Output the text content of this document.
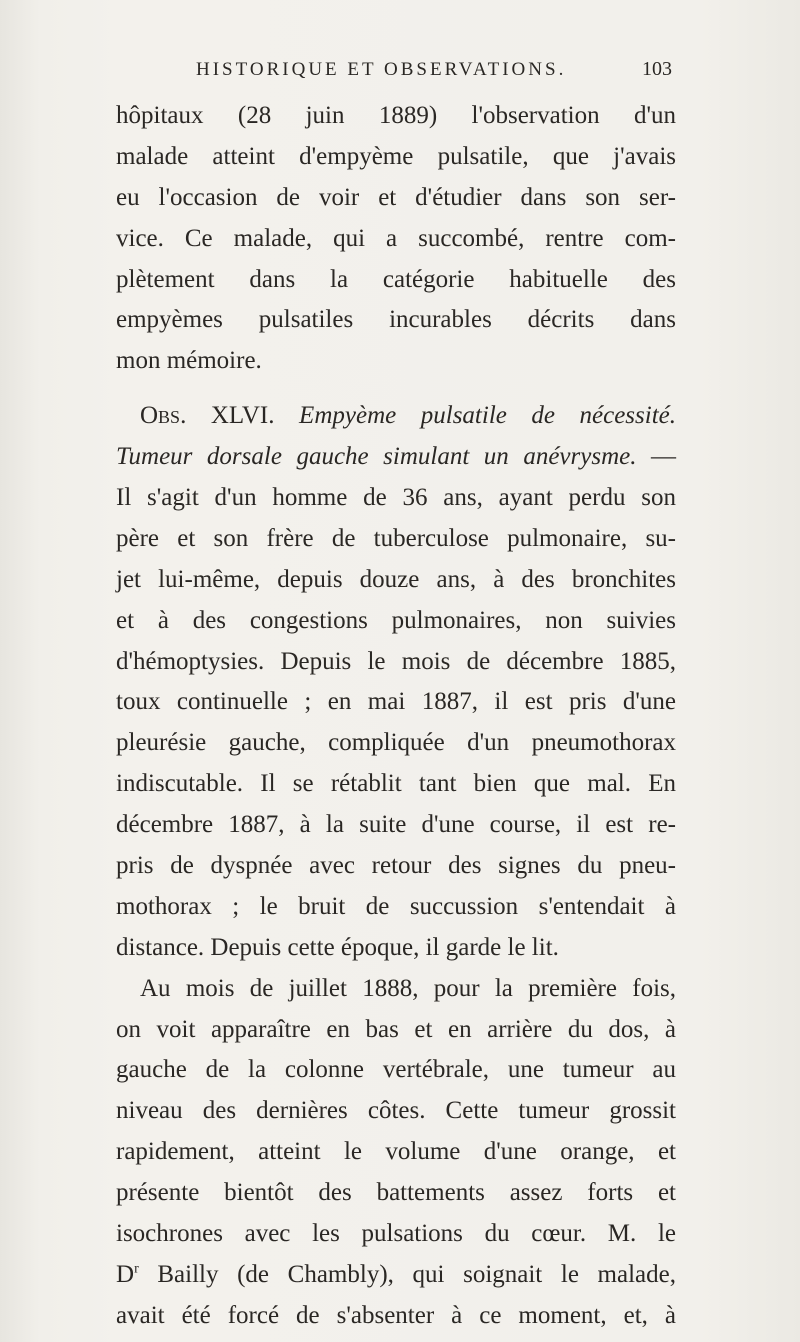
HISTORIQUE ET OBSERVATIONS.	103
hôpitaux (28 juin 1889) l'observation d'un
malade atteint d'empyème pulsatile, que j'avais
eu l'occasion de voir et d'étudier dans son ser-
vice. Ce malade, qui a succombé, rentre com-
plètement dans la catégorie habituelle des
empyèmes pulsatiles incurables décrits dans
mon mémoire.
Obs. XLVI. Empyème pulsatile de nécessité.
Tumeur dorsale gauche simulant un anévrysme. —
Il s'agit d'un homme de 36 ans, ayant perdu son
père et son frère de tuberculose pulmonaire, su-
jet lui-même, depuis douze ans, à des bronchites
et à des congestions pulmonaires, non suivies
d'hémoptysies. Depuis le mois de décembre 1885,
toux continuelle ; en mai 1887, il est pris d'une
pleurésie gauche, compliquée d'un pneumothorax
indiscutable. Il se rétablit tant bien que mal. En
décembre 1887, à la suite d'une course, il est re-
pris de dyspnée avec retour des signes du pneu-
mothorax ; le bruit de succussion s'entendait à
distance. Depuis cette époque, il garde le lit.
Au mois de juillet 1888, pour la première fois,
on voit apparaître en bas et en arrière du dos, à
gauche de la colonne vertébrale, une tumeur au
niveau des dernières côtes. Cette tumeur grossit
rapidement, atteint le volume d'une orange, et
présente bientôt des battements assez forts et
isochrones avec les pulsations du cœur. M. le
$D^r$ Bailly (de Chambly), qui soignait le malade,
avait été forcé de s'absenter à ce moment, et, à
